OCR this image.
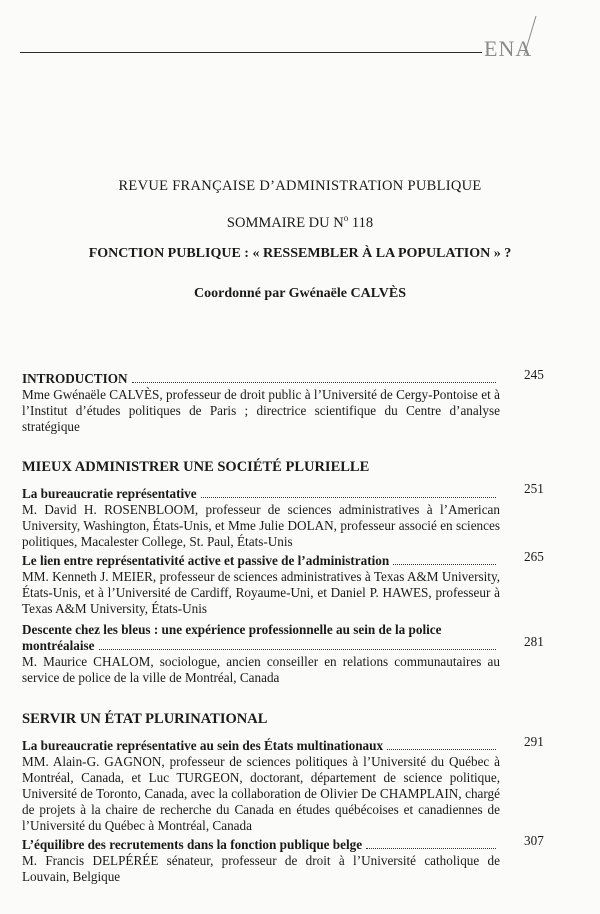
ENA
REVUE FRANÇAISE D’ADMINISTRATION PUBLIQUE
SOMMAIRE DU $N^o$ 118
FONCTION PUBLIQUE : « RESSEMBLER À LA POPULATION » ?
Coordonné par Gwénaële CALVÈS
INTRODUCTION
Mme Gwénaële CALVÈS, professeur de droit public à l’Université de Cergy-Pontoise et à l’Institut d’études politiques de Paris ; directrice scientifique du Centre d’analyse stratégique
245
MIEUX ADMINISTRER UNE SOCIÉTÉ PLURIELLE
La bureaucratie représentative
M. David H. ROSENBLOOM, professeur de sciences administratives à l’American University, Washington, États-Unis, et Mme Julie DOLAN, professeur associé en sciences politiques, Macalester College, St. Paul, États-Unis
251
Le lien entre représentativité active et passive de l’administration
MM. Kenneth J. MEIER, professeur de sciences administratives à Texas A&M University, États-Unis, et à l’Université de Cardiff, Royaume-Uni, et Daniel P. HAWES, professeur à Texas A&M University, États-Unis
265
Descente chez les bleus : une expérience professionnelle au sein de la police
montréalaise
M. Maurice CHALOM, sociologue, ancien conseiller en relations communautaires au service de police de la ville de Montréal, Canada
281
SERVIR UN ÉTAT PLURINATIONAL
La bureaucratie représentative au sein des États multinationaux
MM. Alain-G. GAGNON, professeur de sciences politiques à l’Université du Québec à Montréal, Canada, et Luc TURGEON, doctorant, département de science politique, Université de Toronto, Canada, avec la collaboration de Olivier De CHAMPLAIN, chargé de projets à la chaire de recherche du Canada en études québécoises et canadiennes de l’Université du Québec à Montréal, Canada
291
L’équilibre des recrutements dans la fonction publique belge
M. Francis DELPÉRÉE sénateur, professeur de droit à l’Université catholique de Louvain, Belgique
307
